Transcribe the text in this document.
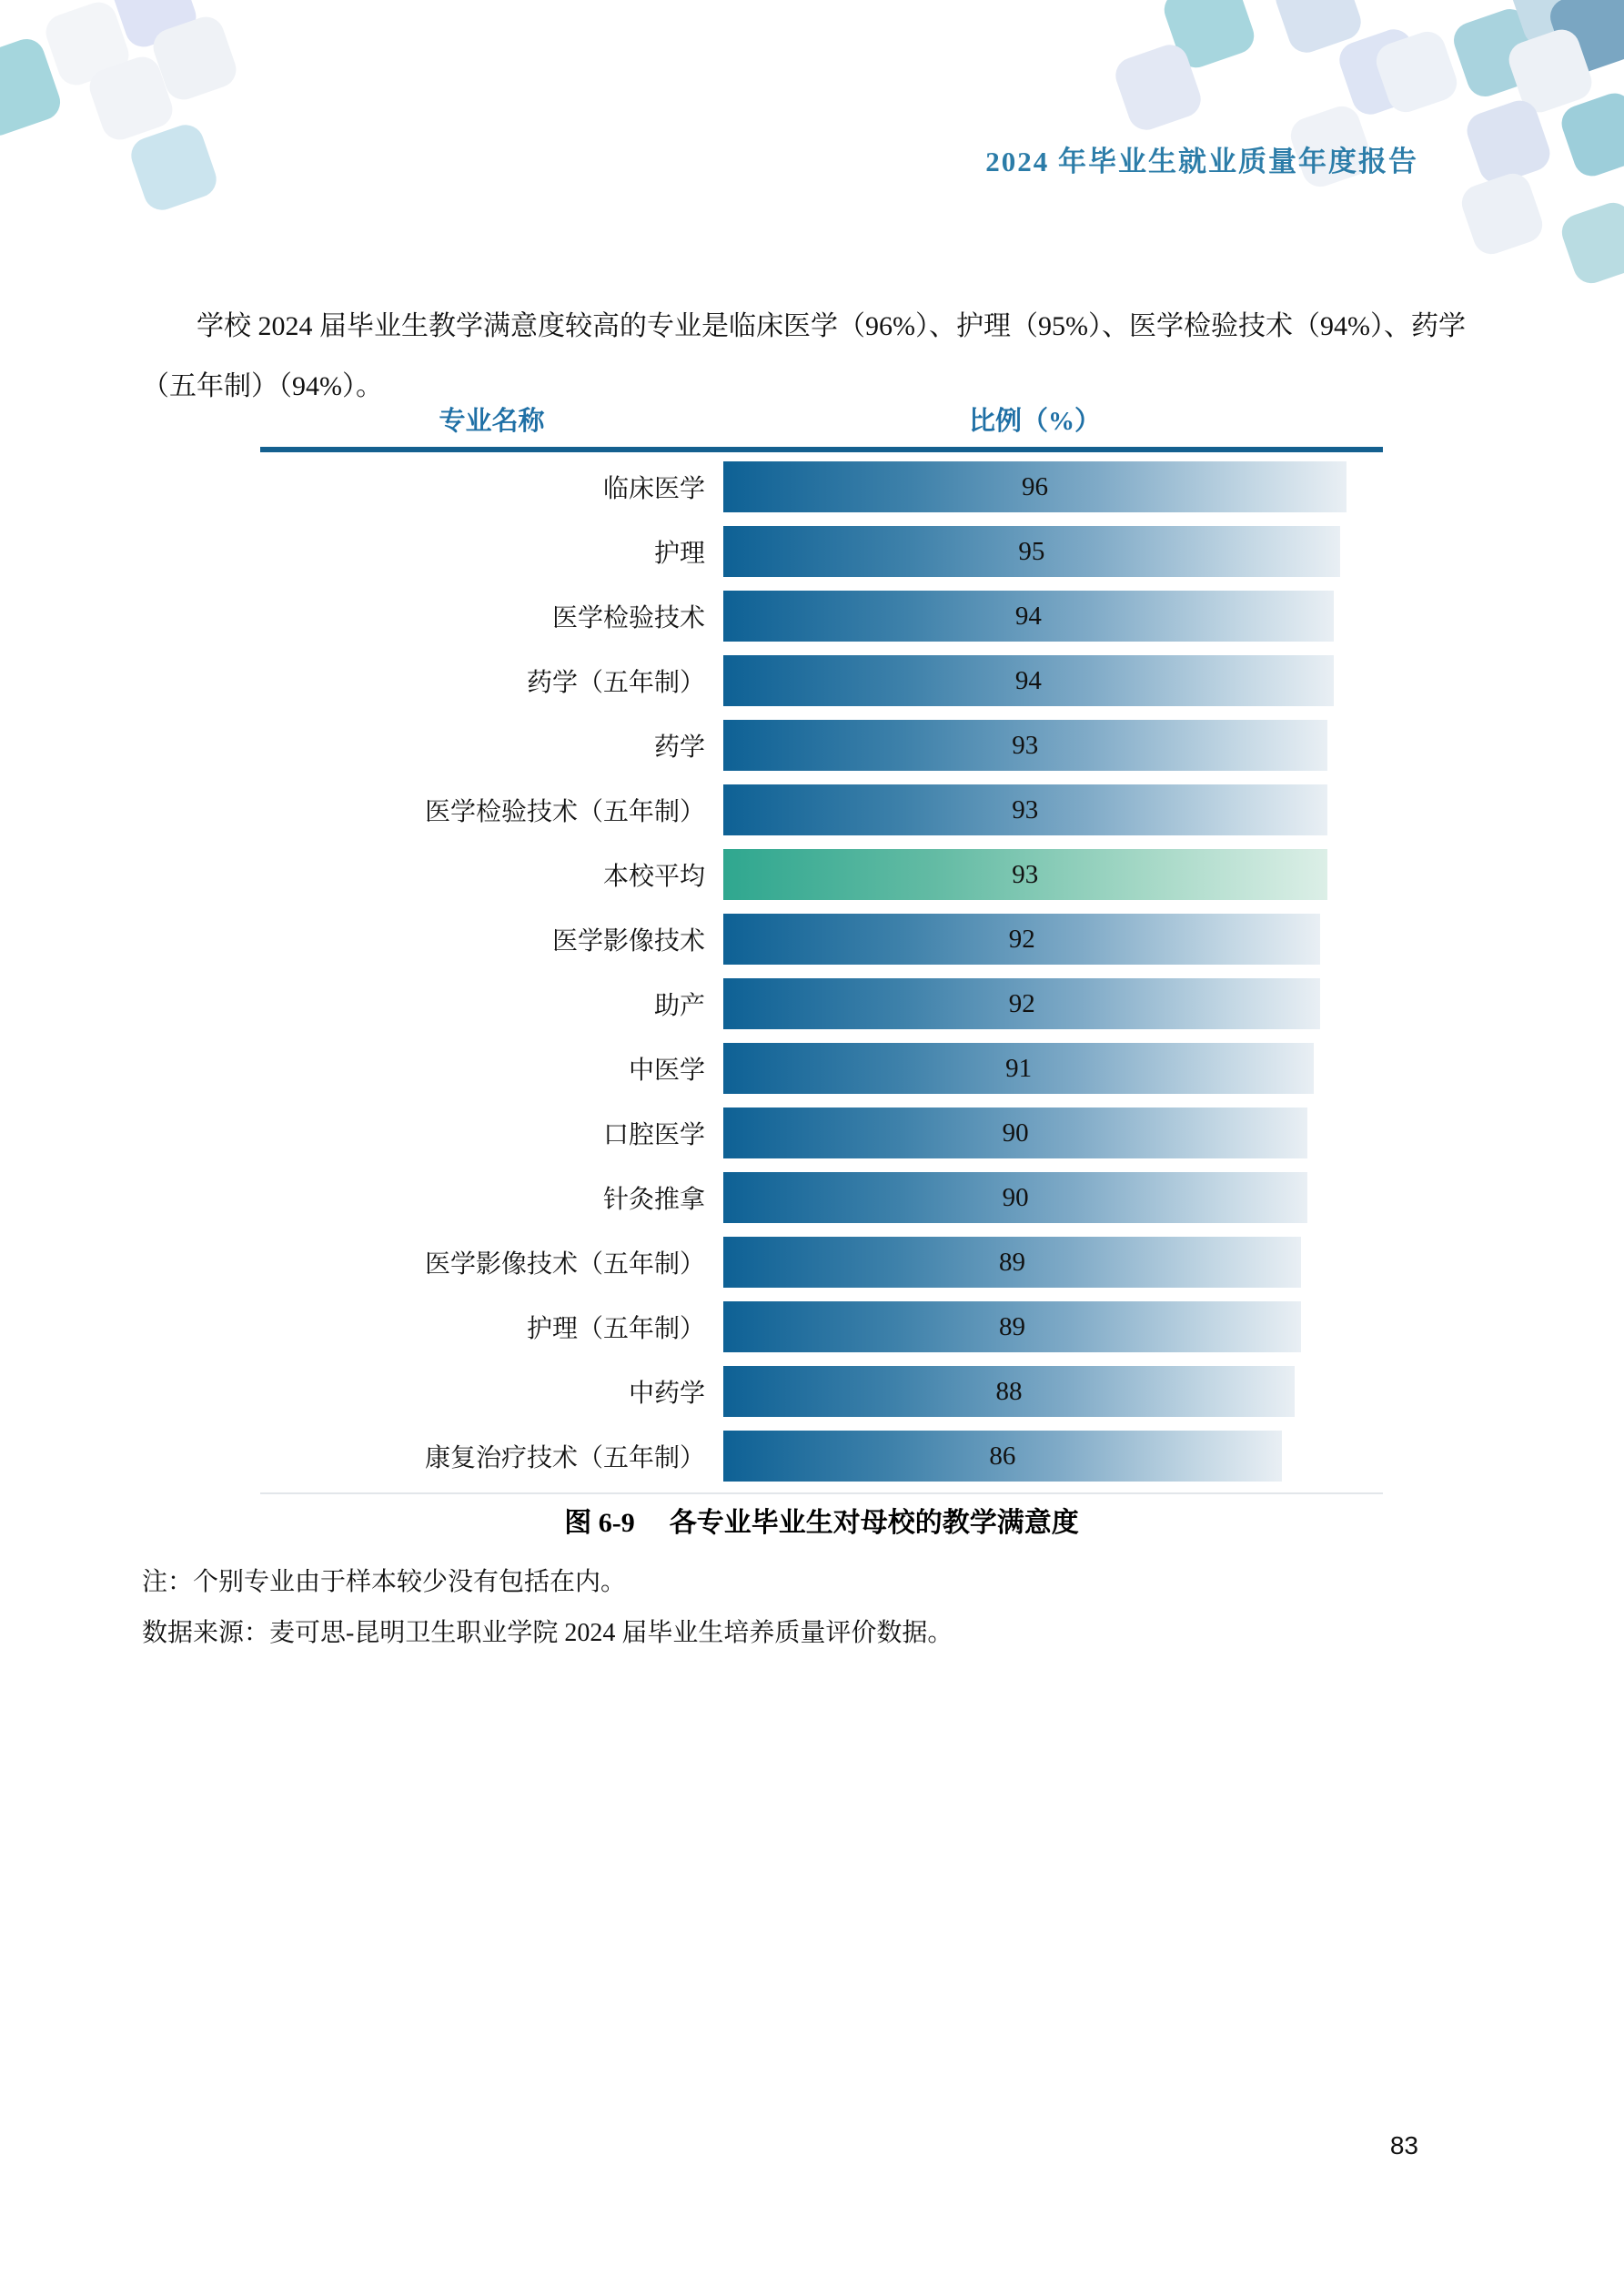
2024 年毕业生就业质量年度报告

学校 2024 届毕业生教学满意度较高的专业是临床医学（96%）、护理（95%）、医学检验技术（94%）、药学（五年制）（94%）。

专业名称	比例（%）
临床医学	96
护理	95
医学检验技术	94
药学（五年制）	94
药学	93
医学检验技术（五年制）	93
本校平均	93
医学影像技术	92
助产	92
中医学	91
口腔医学	90
针灸推拿	90
医学影像技术（五年制）	89
护理（五年制）	89
中药学	88
康复治疗技术（五年制）	86
图 6-9 各专业毕业生对母校的教学满意度
注：个别专业由于样本较少没有包括在内。
数据来源：麦可思-昆明卫生职业学院 2024 届毕业生培养质量评价数据。
83
